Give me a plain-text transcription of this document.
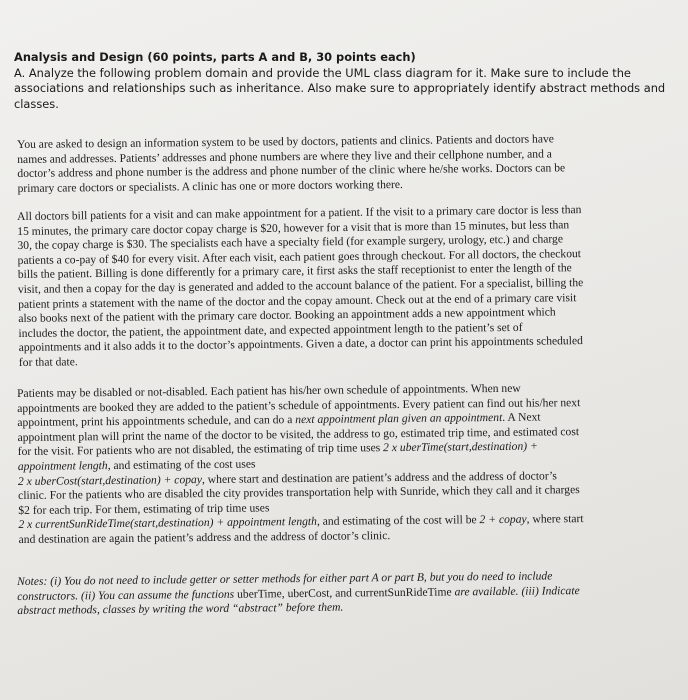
Analysis and Design (60 points, parts A and B, 30 points each)
A. Analyze the following problem domain and provide the UML class diagram for it. Make sure to include the
associations and relationships such as inheritance. Also make sure to appropriately identify abstract methods and
classes.
You are asked to design an information system to be used by doctors, patients and clinics. Patients and doctors have
names and addresses. Patients’ addresses and phone numbers are where they live and their cellphone number, and a
doctor’s address and phone number is the address and phone number of the clinic where he/she works. Doctors can be
primary care doctors or specialists. A clinic has one or more doctors working there.
All doctors bill patients for a visit and can make appointment for a patient. If the visit to a primary care doctor is less than
15 minutes, the primary care doctor copay charge is $20, however for a visit that is more than 15 minutes, but less than
30, the copay charge is $30. The specialists each have a specialty field (for example surgery, urology, etc.) and charge
patients a co-pay of $40 for every visit. After each visit, each patient goes through checkout. For all doctors, the checkout
bills the patient. Billing is done differently for a primary care, it first asks the staff receptionist to enter the length of the
visit, and then a copay for the day is generated and added to the account balance of the patient. For a specialist, billing the
patient prints a statement with the name of the doctor and the copay amount. Check out at the end of a primary care visit
also books next of the patient with the primary care doctor. Booking an appointment adds a new appointment which
includes the doctor, the patient, the appointment date, and expected appointment length to the patient’s set of
appointments and it also adds it to the doctor’s appointments. Given a date, a doctor can print his appointments scheduled
for that date.
Patients may be disabled or not-disabled. Each patient has his/her own schedule of appointments. When new
appointments are booked they are added to the patient’s schedule of appointments. Every patient can find out his/her next
appointment, print his appointments schedule, and can do a next appointment plan given an appointment. A Next
appointment plan will print the name of the doctor to be visited, the address to go, estimated trip time, and estimated cost
for the visit. For patients who are not disabled, the estimating of trip time uses 2 x uberTime(start,destination) +
appointment length, and estimating of the cost uses
2 x uberCost(start,destination) + copay, where start and destination are patient’s address and the address of doctor’s
clinic. For the patients who are disabled the city provides transportation help with Sunride, which they call and it charges
$2 for each trip. For them, estimating of trip time uses
2 x currentSunRideTime(start,destination) + appointment length, and estimating of the cost will be 2 + copay, where start
and destination are again the patient’s address and the address of doctor’s clinic.
Notes: (i) You do not need to include getter or setter methods for either part A or part B, but you do need to include
constructors. (ii) You can assume the functions uberTime, uberCost, and currentSunRideTime are available. (iii) Indicate
abstract methods, classes by writing the word “abstract” before them.
